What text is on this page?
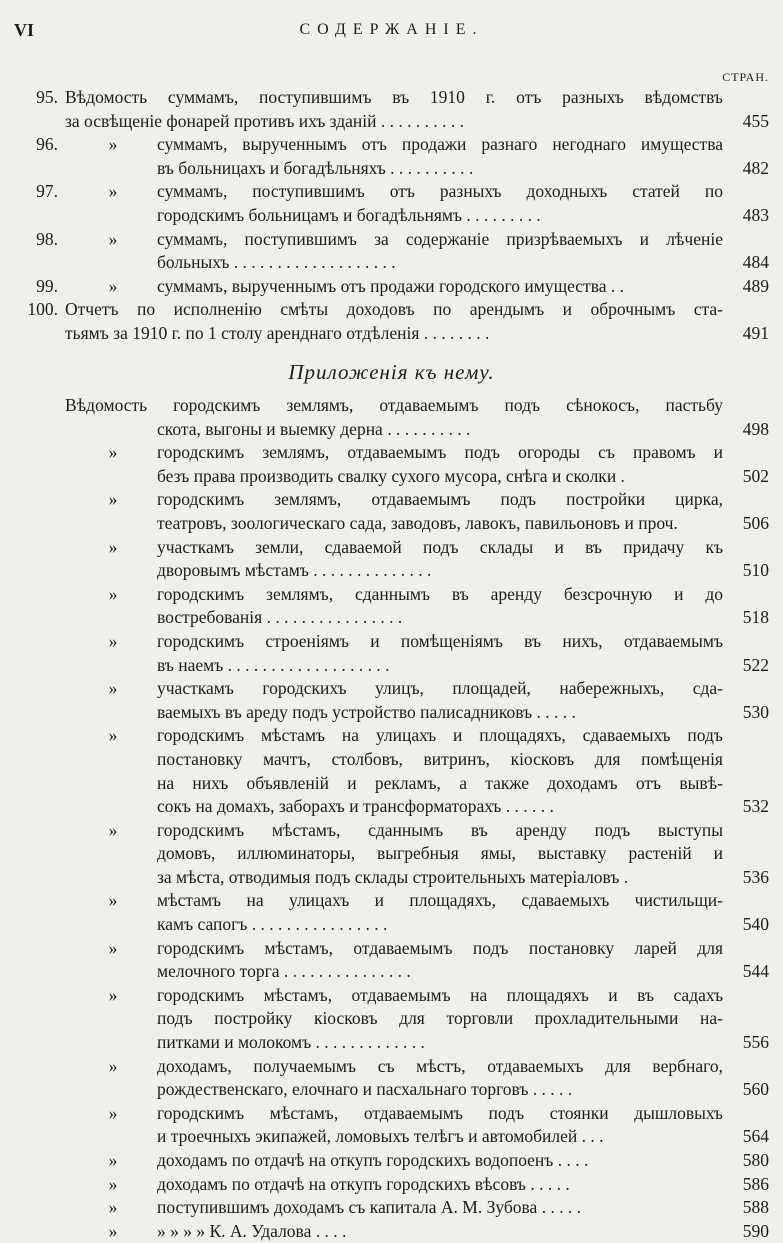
VI	СОДЕРЖАНIЕ.
СТРАН.
95. Вѣдомость суммамъ, поступившимъ въ 1910 г. отъ разныхъ вѣдомствъ
за освѣщенiе фонарей противъ ихъ зданiй . . . . . . . . . .	455
96.	»	суммамъ, вырученнымъ отъ продажи разнаго негоднаго имущества
въ больницахъ и богадѣльняхъ . . . . . . . . . .	482
97.	»	суммамъ, поступившимъ отъ разныхъ доходныхъ статей по
городскимъ больницамъ и богадѣльнямъ . . . . . . . . .	483
98.	»	суммамъ, поступившимъ за содержанiе призрѣваемыхъ и лѣченiе
больныхъ . . . . . . . . . . . . . . . . . . .	484
99.	»	суммамъ, вырученнымъ отъ продажи городского имущества . .	489
100. Отчетъ по исполненiю смѣты доходовъ по арендымъ и оброчнымъ ста-
тьямъ за 1910 г. по 1 столу аренднаго отдѣленiя . . . . . . . .	491
Приложенiя къ нему.
Вѣдомость городскимъ землямъ, отдаваемымъ подъ сѣнокосъ, пастьбу
скота, выгоны и выемку дерна . . . . . . . . . .	498
»	городскимъ землямъ, отдаваемымъ подъ огороды съ правомъ и
безъ права производить свалку сухого мусора, снѣга и сколки .	502
»	городскимъ землямъ, отдаваемымъ подъ постройки цирка,
театровъ, зоологическаго сада, заводовъ, лавокъ, павильоновъ и проч.	506
»	участкамъ земли, сдаваемой подъ склады и въ придачу къ
дворовымъ мѣстамъ . . . . . . . . . . . . . .	510
»	городскимъ землямъ, сданнымъ въ аренду безсрочную и до
востребованiя . . . . . . . . . . . . . . . .	518
»	городскимъ строенiямъ и помѣщенiямъ въ нихъ, отдаваемымъ
въ наемъ . . . . . . . . . . . . . . . . . . .	522
»	участкамъ городскихъ улицъ, площадей, набережныхъ, сда-
ваемыхъ въ ареду подъ устройство палисадниковъ . . . . .	530
»	городскимъ мѣстамъ на улицахъ и площадяхъ, сдаваемыхъ подъ
постановку мачтъ, столбовъ, витринъ, кiосковъ для помѣщенiя
на нихъ объявленiй и рекламъ, а также доходамъ отъ вывѣ-
сокъ на домахъ, заборахъ и трансформаторахъ . . . . . .	532
»	городскимъ мѣстамъ, сданнымъ въ аренду подъ выступы
домовъ, иллюминаторы, выгребныя ямы, выставку растенiй и
за мѣста, отводимыя подъ склады строительныхъ матерiаловъ .	536
»	мѣстамъ на улицахъ и площадяхъ, сдаваемыхъ чистильщи-
камъ сапогъ . . . . . . . . . . . . . . . .	540
»	городскимъ мѣстамъ, отдаваемымъ подъ постановку ларей для
мелочного торга . . . . . . . . . . . . . . .	544
»	городскимъ мѣстамъ, отдаваемымъ на площадяхъ и въ садахъ
подъ постройку кiосковъ для торговли прохладительными на-
питками и молокомъ . . . . . . . . . . . . .	556
»	доходамъ, получаемымъ съ мѣстъ, отдаваемыхъ для вербнаго,
рождественскаго, елочнаго и пасхальнаго торговъ . . . . .	560
»	городскимъ мѣстамъ, отдаваемымъ подъ стоянки дышловыхъ
и троечныхъ экипажей, ломовыхъ телѣгъ и автомобилей . . .	564
»	доходамъ по отдачѣ на откупъ городскихъ водопоенъ . . . .	580
»	доходамъ по отдачѣ на откупъ городскихъ вѣсовъ . . . . .	586
»	поступившимъ доходамъ съ капитала А. М. Зубова . . . . .	588
»	» » » » К. А. Удалова . . . .	590
